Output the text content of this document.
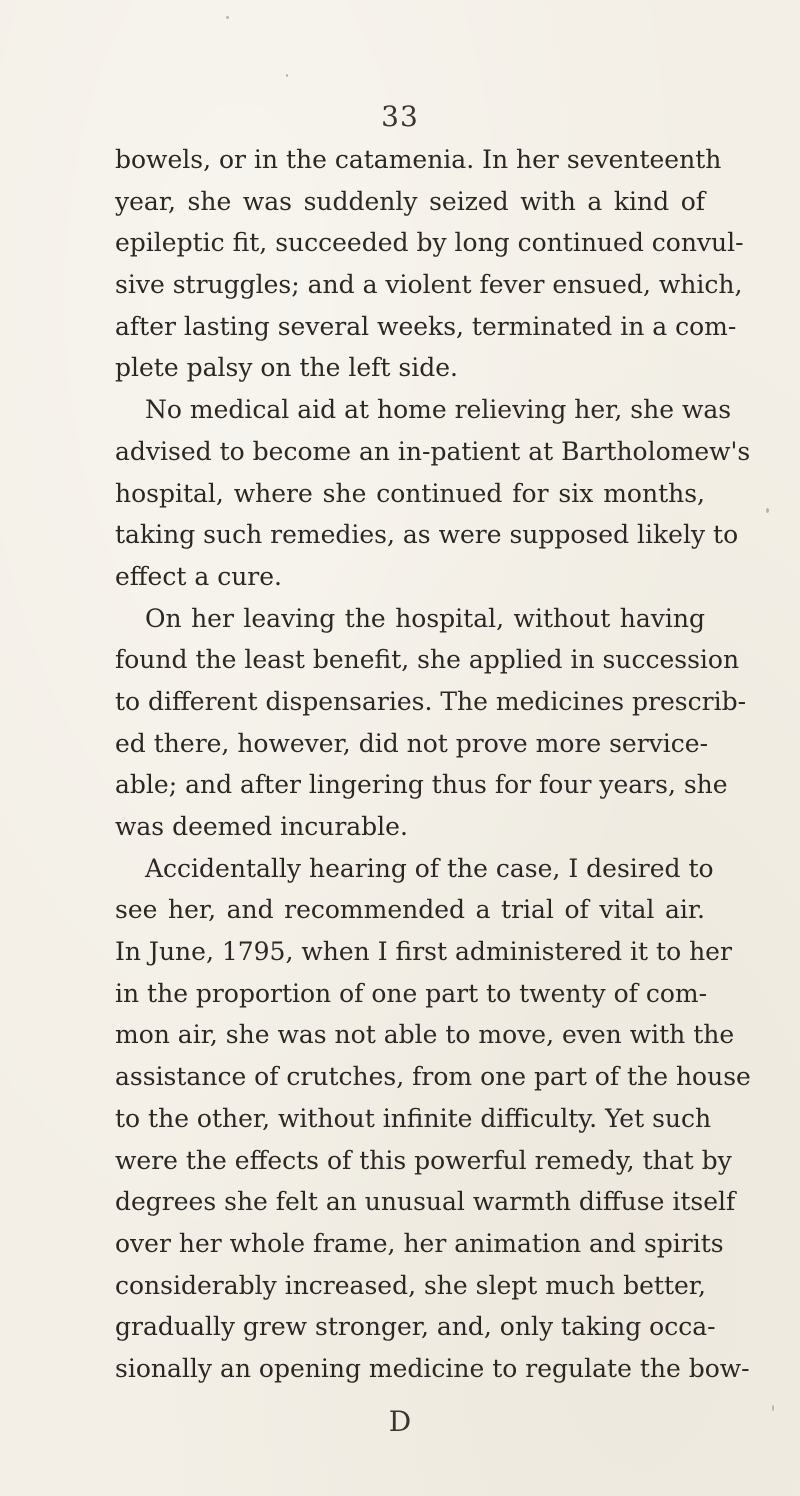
33
bowels, or in the catamenia. In her seventeenth
year, she was suddenly seized with a kind of
epileptic fit, succeeded by long continued convul-
sive struggles; and a violent fever ensued, which,
after lasting several weeks, terminated in a com-
plete palsy on the left side.
No medical aid at home relieving her, she was
advised to become an in-patient at Bartholomew's
hospital, where she continued for six months,
taking such remedies, as were supposed likely to
effect a cure.
On her leaving the hospital, without having
found the least benefit, she applied in succession
to different dispensaries. The medicines prescrib-
ed there, however, did not prove more service-
able; and after lingering thus for four years, she
was deemed incurable.
Accidentally hearing of the case, I desired to
see her, and recommended a trial of vital air.
In June, 1795, when I first administered it to her
in the proportion of one part to twenty of com-
mon air, she was not able to move, even with the
assistance of crutches, from one part of the house
to the other, without infinite difficulty. Yet such
were the effects of this powerful remedy, that by
degrees she felt an unusual warmth diffuse itself
over her whole frame, her animation and spirits
considerably increased, she slept much better,
gradually grew stronger, and, only taking occa-
sionally an opening medicine to regulate the bow-
D
